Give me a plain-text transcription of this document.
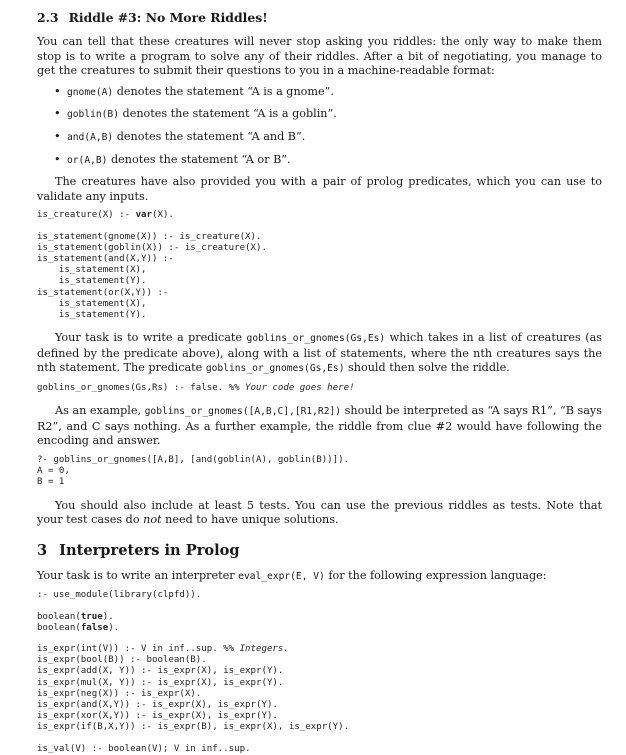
2.3 Riddle #3: No More Riddles!

You can tell that these creatures will never stop asking you riddles: the only way to make them stop is to write a program to solve any of their riddles. After a bit of negotiating, you manage to get the creatures to submit their questions to you in a machine-readable format:

• gnome(A) denotes the statement “A is a gnome”.
• goblin(B) denotes the statement “A is a goblin”.
• and(A,B) denotes the statement “A and B”.
• or(A,B) denotes the statement “A or B”.

The creatures have also provided you with a pair of prolog predicates, which you can use to validate any inputs.

is_creature(X) :- var(X).
is_statement(gnome(X)) :- is_creature(X).
is_statement(goblin(X)) :- is_creature(X).
is_statement(and(X,Y)) :-
is_statement(X),
is_statement(Y).
is_statement(or(X,Y)) :-
is_statement(X),
is_statement(Y).

Your task is to write a predicate goblins_or_gnomes(Gs,Es) which takes in a list of creatures (as defined by the predicate above), along with a list of statements, where the nth creatures says the nth statement. The predicate goblins_or_gnomes(Gs,Es) should then solve the riddle.

goblins_or_gnomes(Gs,Rs) :- false. %% Your code goes here!

As an example, goblins_or_gnomes([A,B,C],[R1,R2]) should be interpreted as “A says R1”, “B says R2”, and C says nothing. As a further example, the riddle from clue #2 would have following the encoding and answer.

?- goblins_or_gnomes([A,B], [and(goblin(A), goblin(B))]).
A = 0,
B = 1

You should also include at least 5 tests. You can use the previous riddles as tests. Note that your test cases do not need to have unique solutions.

3 Interpreters in Prolog

Your task is to write an interpreter eval_expr(E, V) for the following expression language:

:- use_module(library(clpfd)).
boolean(true).
boolean(false).
is_expr(int(V)) :- V in inf..sup. %% Integers.
is_expr(bool(B)) :- boolean(B).
is_expr(add(X, Y)) :- is_expr(X), is_expr(Y).
is_expr(mul(X, Y)) :- is_expr(X), is_expr(Y).
is_expr(neg(X)) :- is_expr(X).
is_expr(and(X,Y)) :- is_expr(X), is_expr(Y).
is_expr(xor(X,Y)) :- is_expr(X), is_expr(Y).
is_expr(if(B,X,Y)) :- is_expr(B), is_expr(X), is_expr(Y).
is_val(V) :- boolean(V); V in inf..sup.
